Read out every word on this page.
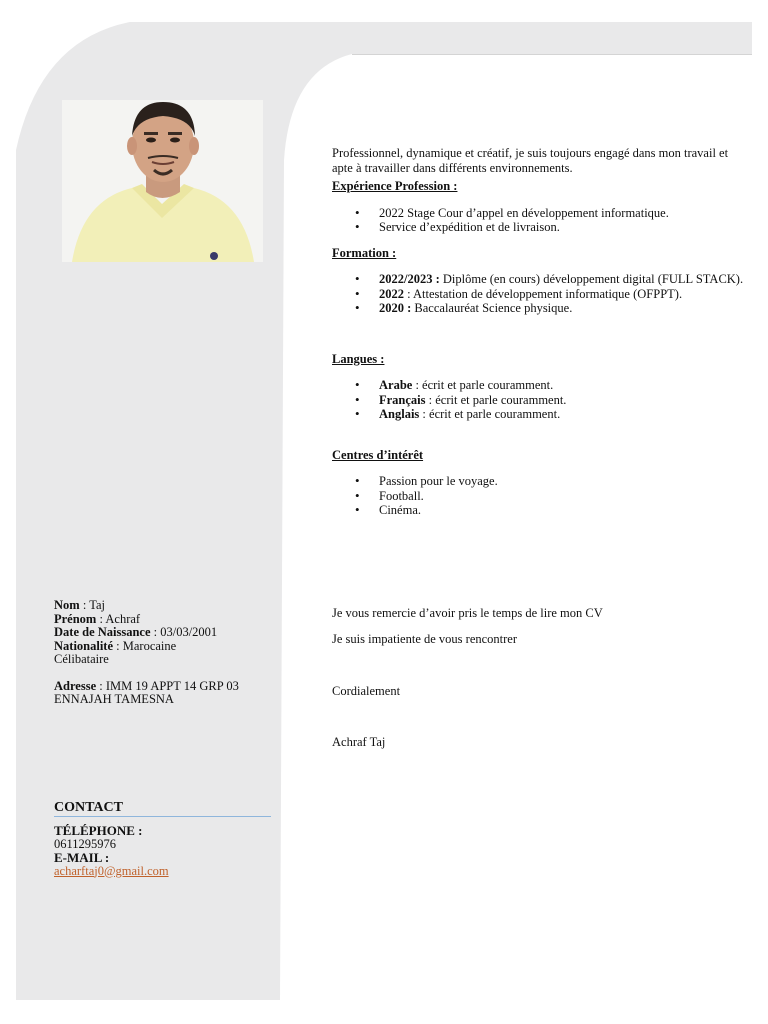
Professionnel, dynamique et créatif, je suis toujours engagé dans mon travail et apte à travailler dans différents environnements.

Expérience Profession :

• 2022 Stage Cour d’appel en développement informatique.
• Service d’expédition et de livraison.

Formation :

• 2022/2023 : Diplôme (en cours) développement digital (FULL STACK).
• 2022 : Attestation de développement informatique (OFPPT).
• 2020 : Baccalauréat Science physique.

Langues :

• Arabe : écrit et parle couramment.
• Français : écrit et parle couramment.
• Anglais : écrit et parle couramment.

Centres d’intérêt

• Passion pour le voyage.
• Football.
• Cinéma.
Je vous remercie d’avoir pris le temps de lire mon CV
Je suis impatiente de vous rencontrer
Cordialement
Achraf Taj
Nom : Taj
Prénom : Achraf
Date de Naissance : 03/03/2001
Nationalité : Marocaine
Célibataire
Adresse : IMM 19 APPT 14 GRP 03 ENNAJAH TAMESNA
CONTACT
TÉLÉPHONE :
0611295976
E-MAIL :
acharftaj0@gmail.com
